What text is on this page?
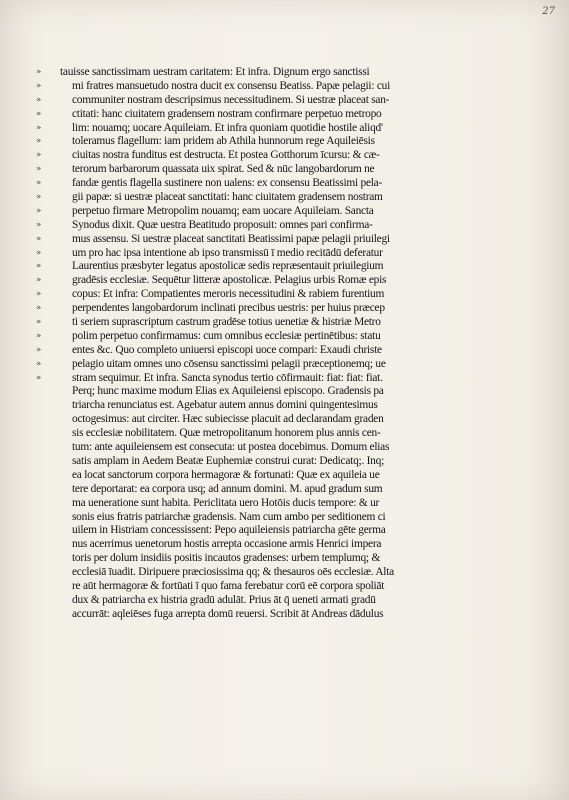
27
»	tauisse sanctissimam uestram caritatem: Et infra. Dignum ergo sanctissi
»	mi fratres mansuetudo nostra ducit ex consensu Beatiss. Papæ pelagii: cui
»	communiter nostram descripsimus necessitudinem. Si uestræ placeat san-
»	ctitati: hanc ciuitatem gradensem nostram confirmare perpetuo metropo
»	lim: nouamq; uocare Aquileiam. Et infra quoniam quotidie hostile aliqd'
»	toleramus flagellum: iam pridem ab Athila hunnorum rege Aquileiēsis
»	ciuitas nostra funditus est destructa. Et postea Gotthorum īcursu: & cæ-
»	terorum barbarorum quassata uix spirat. Sed & nūc langobardorum ne
»	fandæ gentis flagella sustinere non ualens: ex consensu Beatissimi pela-
»	gii papæ: si uestræ placeat sanctitati: hanc ciuitatem gradensem nostram
»	perpetuo firmare Metropolim nouamq; eam uocare Aquileiam. Sancta
»	Synodus dixit. Quæ uestra Beatitudo proposuit: omnes pari confirma-
»	mus assensu. Si uestræ placeat sanctitati Beatissimi papæ pelagii priuilegi
»	um pro hac ipsa intentione ab ipso transmissū ī medio recitādū deferatur
»	Laurentius præsbyter legatus apostolicæ sedis repræsentauit priuilegium
»	gradēsis ecclesiæ. Sequētur litteræ apostolicæ. Pelagius urbis Romæ epis
»	copus: Et infra: Compatientes meroris necessitudini & rabiem furentium
»	perpendentes langobardorum inclinati precibus uestris: per huius præcep
»	ti seriem suprascriptum castrum gradēse totius uenetiæ & histriæ Metro
»	polim perpetuo confirmamus: cum omnibus ecclesiæ pertinētibus: statu
»	entes &c. Quo completo uniuersi episcopi uoce compari: Exaudi christe
»	pelagio uitam omnes uno cōsensu sanctissimi pelagii præceptionemq; ue
»	stram sequimur. Et infra. Sancta synodus tertio cōfirmauit: fiat: fiat: fiat.
Perq; hunc maxime modum Elias ex Aquileiensi episcopo. Gradensis pa
triarcha renunciatus est. Agebatur autem annus domini quingentesimus
octogesimus: aut circiter. Hæc subiecisse placuit ad declarandam graden
sis ecclesiæ nobilitatem. Quæ metropolitanum honorem plus annis cen-
tum: ante aquileiensem est consecuta: ut postea docebimus. Domum elias
satis amplam in Aedem Beatæ Euphemiæ construi curat: Dedicatq;. Inq;
ea locat sanctorum corpora hermagoræ & fortunati: Quæ ex aquileia ue
tere deportarat: ea corpora usq; ad annum domini. M. apud gradum sum
ma ueneratione sunt habita. Periclitata uero Hotōis ducis tempore: & ur
sonis eius fratris patriarchæ gradensis. Nam cum ambo per seditionem ci
uilem in Histriam concessissent: Pepo aquileiensis patriarcha gēte germa
nus acerrimus uenetorum hostis arrepta occasione armis Henrici impera
toris per dolum insidiis positis incautos gradenses: urbem templumq; &
ecclesiā īuadit. Diripuere præciosissima qq; & thesauros oēs ecclesiæ. Alta
re aūt hermagoræ & fortūati ī quo fama ferebatur corū eē corpora spoliāt
dux & patriarcha ex histria gradū adulāt. Prius āt q̄ ueneti armati gradū
accurrāt: aqleiēses fuga arrepta domū reuersi. Scribit āt Andreas dādulus
